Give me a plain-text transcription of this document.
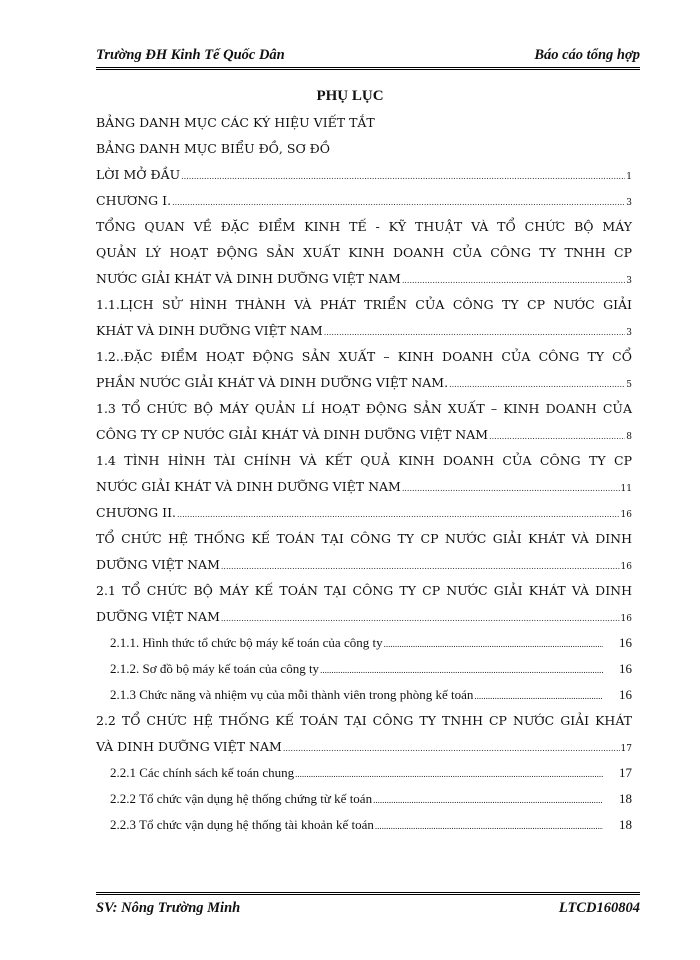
Trường ĐH Kinh Tế Quốc Dân	Báo cáo tổng hợp
PHỤ LỤC
BẢNG DANH MỤC CÁC KÝ HIỆU VIẾT TẮT
BẢNG DANH MỤC BIỂU ĐỒ, SƠ ĐỒ
LỜI MỞ ĐẦU .....	1
CHƯƠNG I. .....	3
TỔNG QUAN VỀ ĐẶC ĐIỂM KINH TẾ - KỸ THUẬT VÀ TỔ CHỨC BỘ MÁY
QUẢN LÝ HOẠT ĐỘNG SẢN XUẤT KINH DOANH CỦA CÔNG TY TNHH CP
NƯỚC GIẢI KHÁT VÀ DINH DƯỠNG VIỆT NAM .....	3
1.1.LỊCH SỬ HÌNH THÀNH VÀ PHÁT TRIỂN CỦA CÔNG TY CP NƯỚC GIẢI
KHÁT VÀ DINH DƯỠNG VIỆT NAM .....	3
1.2..ĐẶC ĐIỂM HOẠT ĐỘNG SẢN XUẤT – KINH DOANH CỦA CÔNG TY CỔ
PHẦN NƯỚC GIẢI KHÁT VÀ DINH DƯỠNG VIỆT NAM. .....	5
1.3 TỔ CHỨC BỘ MÁY QUẢN LÍ HOẠT ĐỘNG SẢN XUẤT – KINH DOANH CỦA
CÔNG TY CP NƯỚC GIẢI KHÁT VÀ DINH DƯỠNG VIỆT NAM .....	8
1.4 TÌNH HÌNH TÀI CHÍNH VÀ KẾT QUẢ KINH DOANH CỦA CÔNG TY CP
NƯỚC GIẢI KHÁT VÀ DINH DƯỠNG VIỆT NAM .....	11
CHƯƠNG II. .....	16
TỔ CHỨC HỆ THỐNG KẾ TOÁN TẠI CÔNG TY CP NƯỚC GIẢI KHÁT VÀ DINH
DƯỠNG VIỆT NAM .....	16
2.1 TỔ CHỨC BỘ MÁY KẾ TOÁN TẠI CÔNG TY CP NƯỚC GIẢI KHÁT VÀ DINH
DƯỠNG VIỆT NAM .....	16
2.1.1. Hình thức tổ chức bộ máy kế toán của công ty .....	16
2.1.2. Sơ đồ bộ máy kế toán của công ty .....	16
2.1.3 Chức năng và nhiệm vụ của mỗi thành viên trong phòng kế toán .....	16
2.2 TỔ CHỨC HỆ THỐNG KẾ TOÁN TẠI CÔNG TY TNHH CP NƯỚC GIẢI KHÁT
VÀ DINH DƯỠNG VIỆT NAM .....	17
2.2.1 Các chính sách kế toán chung .....	17
2.2.2 Tổ chức vận dụng hệ thống chứng từ kế toán .....	18
2.2.3 Tổ chức vận dụng hệ thống tài khoản kế toán .....	18
SV: Nông Trường Minh	LTCD160804
